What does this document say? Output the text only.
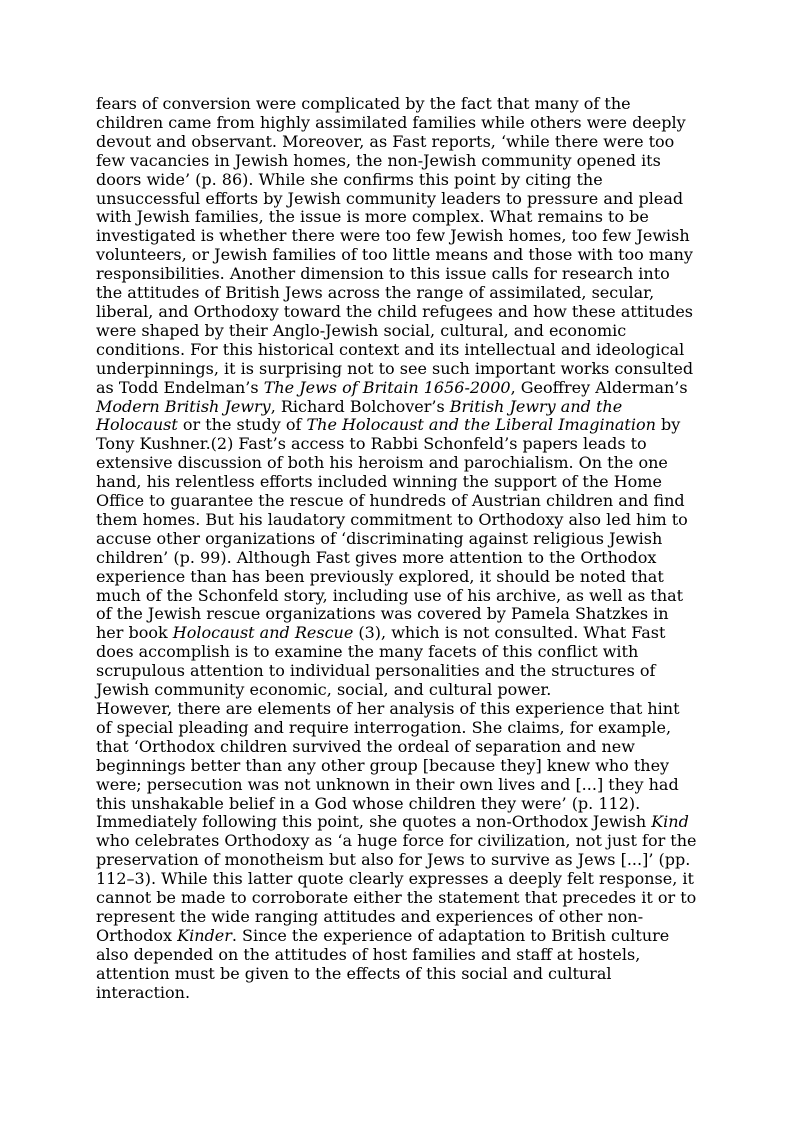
fears of conversion were complicated by the fact that many of the
children came from highly assimilated families while others were deeply
devout and observant. Moreover, as Fast reports, ‘while there were too
few vacancies in Jewish homes, the non-Jewish community opened its
doors wide’ (p. 86). While she confirms this point by citing the
unsuccessful efforts by Jewish community leaders to pressure and plead
with Jewish families, the issue is more complex. What remains to be
investigated is whether there were too few Jewish homes, too few Jewish
volunteers, or Jewish families of too little means and those with too many
responsibilities. Another dimension to this issue calls for research into
the attitudes of British Jews across the range of assimilated, secular,
liberal, and Orthodoxy toward the child refugees and how these attitudes
were shaped by their Anglo-Jewish social, cultural, and economic
conditions. For this historical context and its intellectual and ideological
underpinnings, it is surprising not to see such important works consulted
as Todd Endelman’s The Jews of Britain 1656-2000, Geoffrey Alderman’s
Modern British Jewry, Richard Bolchover’s British Jewry and the
Holocaust or the study of The Holocaust and the Liberal Imagination by
Tony Kushner.(2) Fast’s access to Rabbi Schonfeld’s papers leads to
extensive discussion of both his heroism and parochialism. On the one
hand, his relentless efforts included winning the support of the Home
Office to guarantee the rescue of hundreds of Austrian children and find
them homes. But his laudatory commitment to Orthodoxy also led him to
accuse other organizations of ‘discriminating against religious Jewish
children’ (p. 99). Although Fast gives more attention to the Orthodox
experience than has been previously explored, it should be noted that
much of the Schonfeld story, including use of his archive, as well as that
of the Jewish rescue organizations was covered by Pamela Shatzkes in
her book Holocaust and Rescue (3), which is not consulted. What Fast
does accomplish is to examine the many facets of this conflict with
scrupulous attention to individual personalities and the structures of
Jewish community economic, social, and cultural power.

However, there are elements of her analysis of this experience that hint
of special pleading and require interrogation. She claims, for example,
that ‘Orthodox children survived the ordeal of separation and new
beginnings better than any other group [because they] knew who they
were; persecution was not unknown in their own lives and [...] they had
this unshakable belief in a God whose children they were’ (p. 112).
Immediately following this point, she quotes a non-Orthodox Jewish Kind
who celebrates Orthodoxy as ‘a huge force for civilization, not just for the
preservation of monotheism but also for Jews to survive as Jews [...]’ (pp.
112–3). While this latter quote clearly expresses a deeply felt response, it
cannot be made to corroborate either the statement that precedes it or to
represent the wide ranging attitudes and experiences of other non-
Orthodox Kinder. Since the experience of adaptation to British culture
also depended on the attitudes of host families and staff at hostels,
attention must be given to the effects of this social and cultural
interaction.
